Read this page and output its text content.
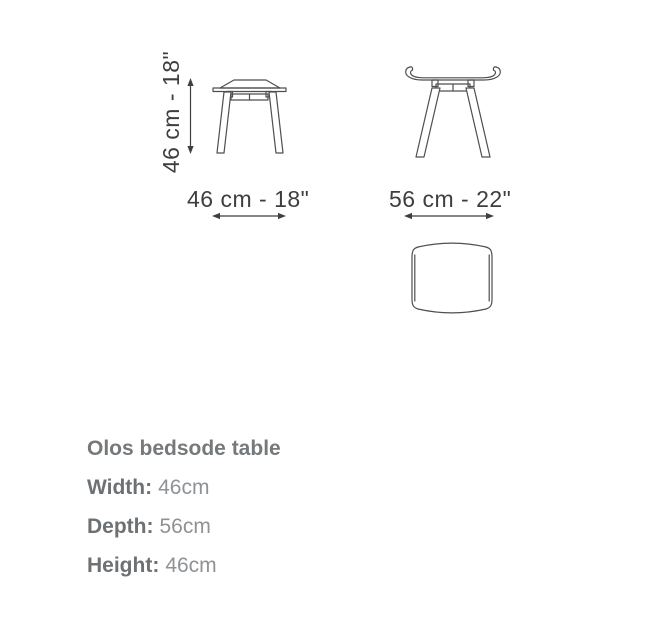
46 cm - 18"
46 cm - 18"	56 cm - 22"
Olos bedsode table

Width: 46cm

Depth: 56cm

Height: 46cm
